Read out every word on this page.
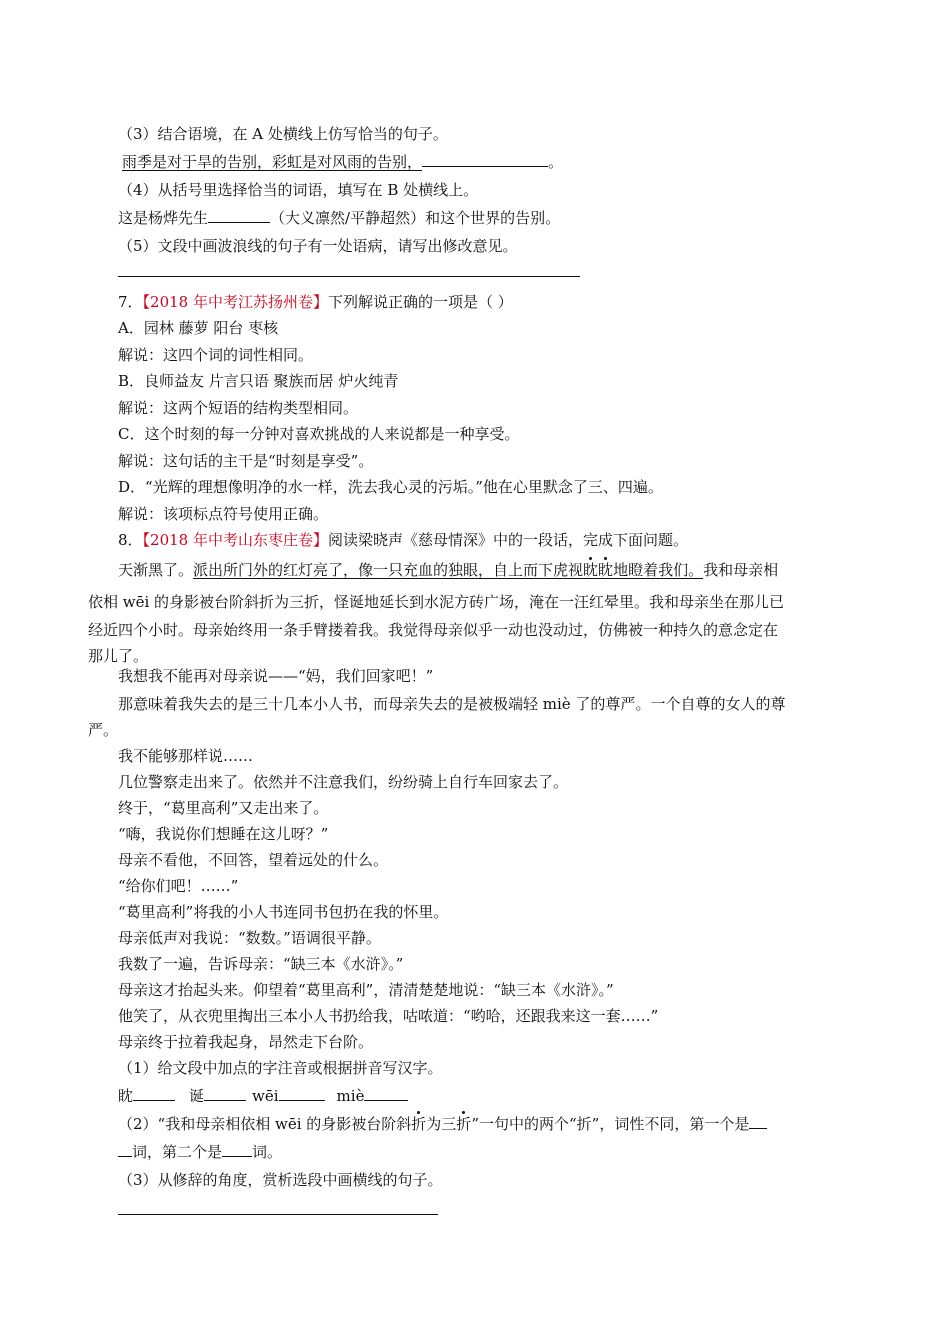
（3）结合语境，在 A 处横线上仿写恰当的句子。
雨季是对于旱的告别，彩虹是对风雨的告别，	。
（4）从括号里选择恰当的词语，填写在 B 处横线上。
这是杨烨先生	（大义凛然/平静超然）和这个世界的告别。
（5）文段中画波浪线的句子有一处语病，请写出修改意见。
7．【2018 年中考江苏扬州卷】下列解说正确的一项是（ ）
A．园林 藤萝 阳台 枣核
解说：这四个词的词性相同。
B．良师益友 片言只语 聚族而居 炉火纯青
解说：这两个短语的结构类型相同。
C．这个时刻的每一分钟对喜欢挑战的人来说都是一种享受。
解说：这句话的主干是“时刻是享受”。
D．“光辉的理想像明净的水一样，洗去我心灵的污垢。”他在心里默念了三、四遍。
解说：该项标点符号使用正确。
8．【2018 年中考山东枣庄卷】阅读梁晓声《慈母情深》中的一段话，完成下面问题。
天渐黑了。派出所门外的红灯亮了，像一只充血的独眼，自上而下虎视眈眈地瞪着我们。我和母亲相
依相 wēi 的身影被台阶斜折为三折，怪诞地延长到水泥方砖广场，淹在一汪红晕里。我和母亲坐在那儿已
经近四个小时。母亲始终用一条手臂搂着我。我觉得母亲似乎一动也没动过，仿佛被一种持久的意念定在
那儿了。
我想我不能再对母亲说——“妈，我们回家吧！”
那意味着我失去的是三十几本小人书，而母亲失去的是被极端轻 miè 了的尊严。一个自尊的女人的尊
严。
我不能够那样说……
几位警察走出来了。依然并不注意我们，纷纷骑上自行车回家去了。
终于，“葛里高利”又走出来了。
“嗨，我说你们想睡在这儿呀？”
母亲不看他，不回答，望着远处的什么。
“给你们吧！……”
“葛里高利”将我的小人书连同书包扔在我的怀里。
母亲低声对我说：“数数。”语调很平静。
我数了一遍，告诉母亲：“缺三本《水浒》。”
母亲这才抬起头来。仰望着“葛里高利”，清清楚楚地说：“缺三本《水浒》。”
他笑了，从衣兜里掏出三本小人书扔给我，咕哝道：“哟哈，还跟我来这一套……”
母亲终于拉着我起身，昂然走下台阶。
（1）给文段中加点的字注音或根据拼音写汉字。
眈	诞	wēi	miè
（2）“我和母亲相依相 wēi 的身影被台阶斜折为三折”一句中的两个“折”，词性不同，第一个是
词，第二个是 词。
（3）从修辞的角度，赏析选段中画横线的句子。
